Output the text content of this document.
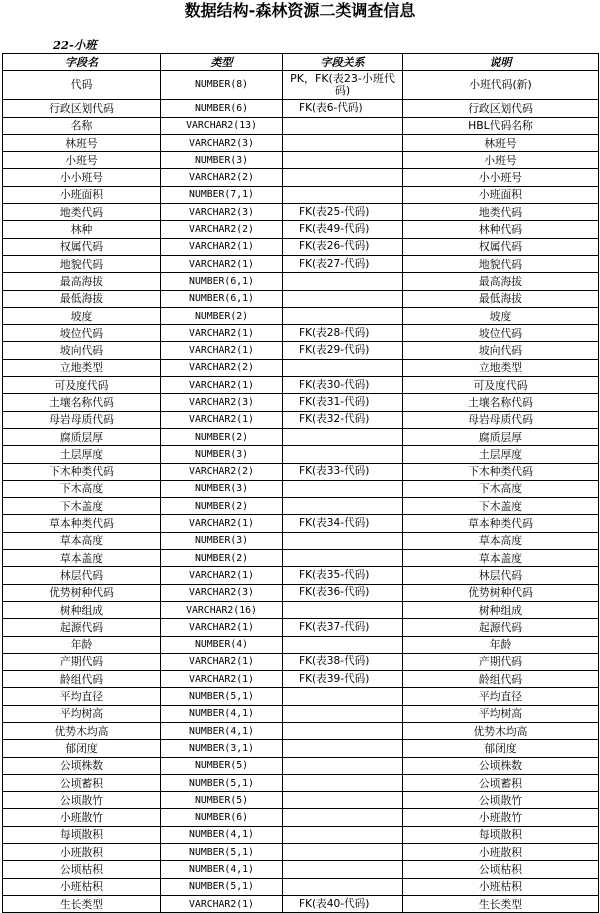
数据结构-森林资源二类调查信息
22-小班
字段名	类型	字段关系	说明
代码	NUMBER(8)	PK，FK(表23-小班代码)	小班代码(新)
行政区划代码	NUMBER(6)	FK(表6-代码)	行政区划代码
名称	VARCHAR2(13)		HBL代码名称
林班号	VARCHAR2(3)		林班号
小班号	NUMBER(3)		小班号
小小班号	VARCHAR2(2)		小小班号
小班面积	NUMBER(7,1)		小班面积
地类代码	VARCHAR2(3)	FK(表25-代码)	地类代码
林种	VARCHAR2(2)	FK(表49-代码)	林种代码
权属代码	VARCHAR2(1)	FK(表26-代码)	权属代码
地貌代码	VARCHAR2(1)	FK(表27-代码)	地貌代码
最高海拔	NUMBER(6,1)		最高海拔
最低海拔	NUMBER(6,1)		最低海拔
坡度	NUMBER(2)		坡度
坡位代码	VARCHAR2(1)	FK(表28-代码)	坡位代码
坡向代码	VARCHAR2(1)	FK(表29-代码)	坡向代码
立地类型	VARCHAR2(2)		立地类型
可及度代码	VARCHAR2(1)	FK(表30-代码)	可及度代码
土壤名称代码	VARCHAR2(3)	FK(表31-代码)	土壤名称代码
母岩母质代码	VARCHAR2(1)	FK(表32-代码)	母岩母质代码
腐质层厚	NUMBER(2)		腐质层厚
土层厚度	NUMBER(3)		土层厚度
下木种类代码	VARCHAR2(2)	FK(表33-代码)	下木种类代码
下木高度	NUMBER(3)		下木高度
下木盖度	NUMBER(2)		下木盖度
草本种类代码	VARCHAR2(1)	FK(表34-代码)	草本种类代码
草本高度	NUMBER(3)		草本高度
草本盖度	NUMBER(2)		草本盖度
林层代码	VARCHAR2(1)	FK(表35-代码)	林层代码
优势树种代码	VARCHAR2(3)	FK(表36-代码)	优势树种代码
树种组成	VARCHAR2(16)		树种组成
起源代码	VARCHAR2(1)	FK(表37-代码)	起源代码
年龄	NUMBER(4)		年龄
产期代码	VARCHAR2(1)	FK(表38-代码)	产期代码
龄组代码	VARCHAR2(1)	FK(表39-代码)	龄组代码
平均直径	NUMBER(5,1)		平均直径
平均树高	NUMBER(4,1)		平均树高
优势木均高	NUMBER(4,1)		优势木均高
郁闭度	NUMBER(3,1)		郁闭度
公顷株数	NUMBER(5)		公顷株数
公顷蓄积	NUMBER(5,1)		公顷蓄积
公顷散竹	NUMBER(5)		公顷散竹
小班散竹	NUMBER(6)		小班散竹
每顷散积	NUMBER(4,1)		每顷散积
小班散积	NUMBER(5,1)		小班散积
公顷枯积	NUMBER(4,1)		公顷枯积
小班枯积	NUMBER(5,1)		小班枯积
生长类型	VARCHAR2(1)	FK(表40-代码)	生长类型
